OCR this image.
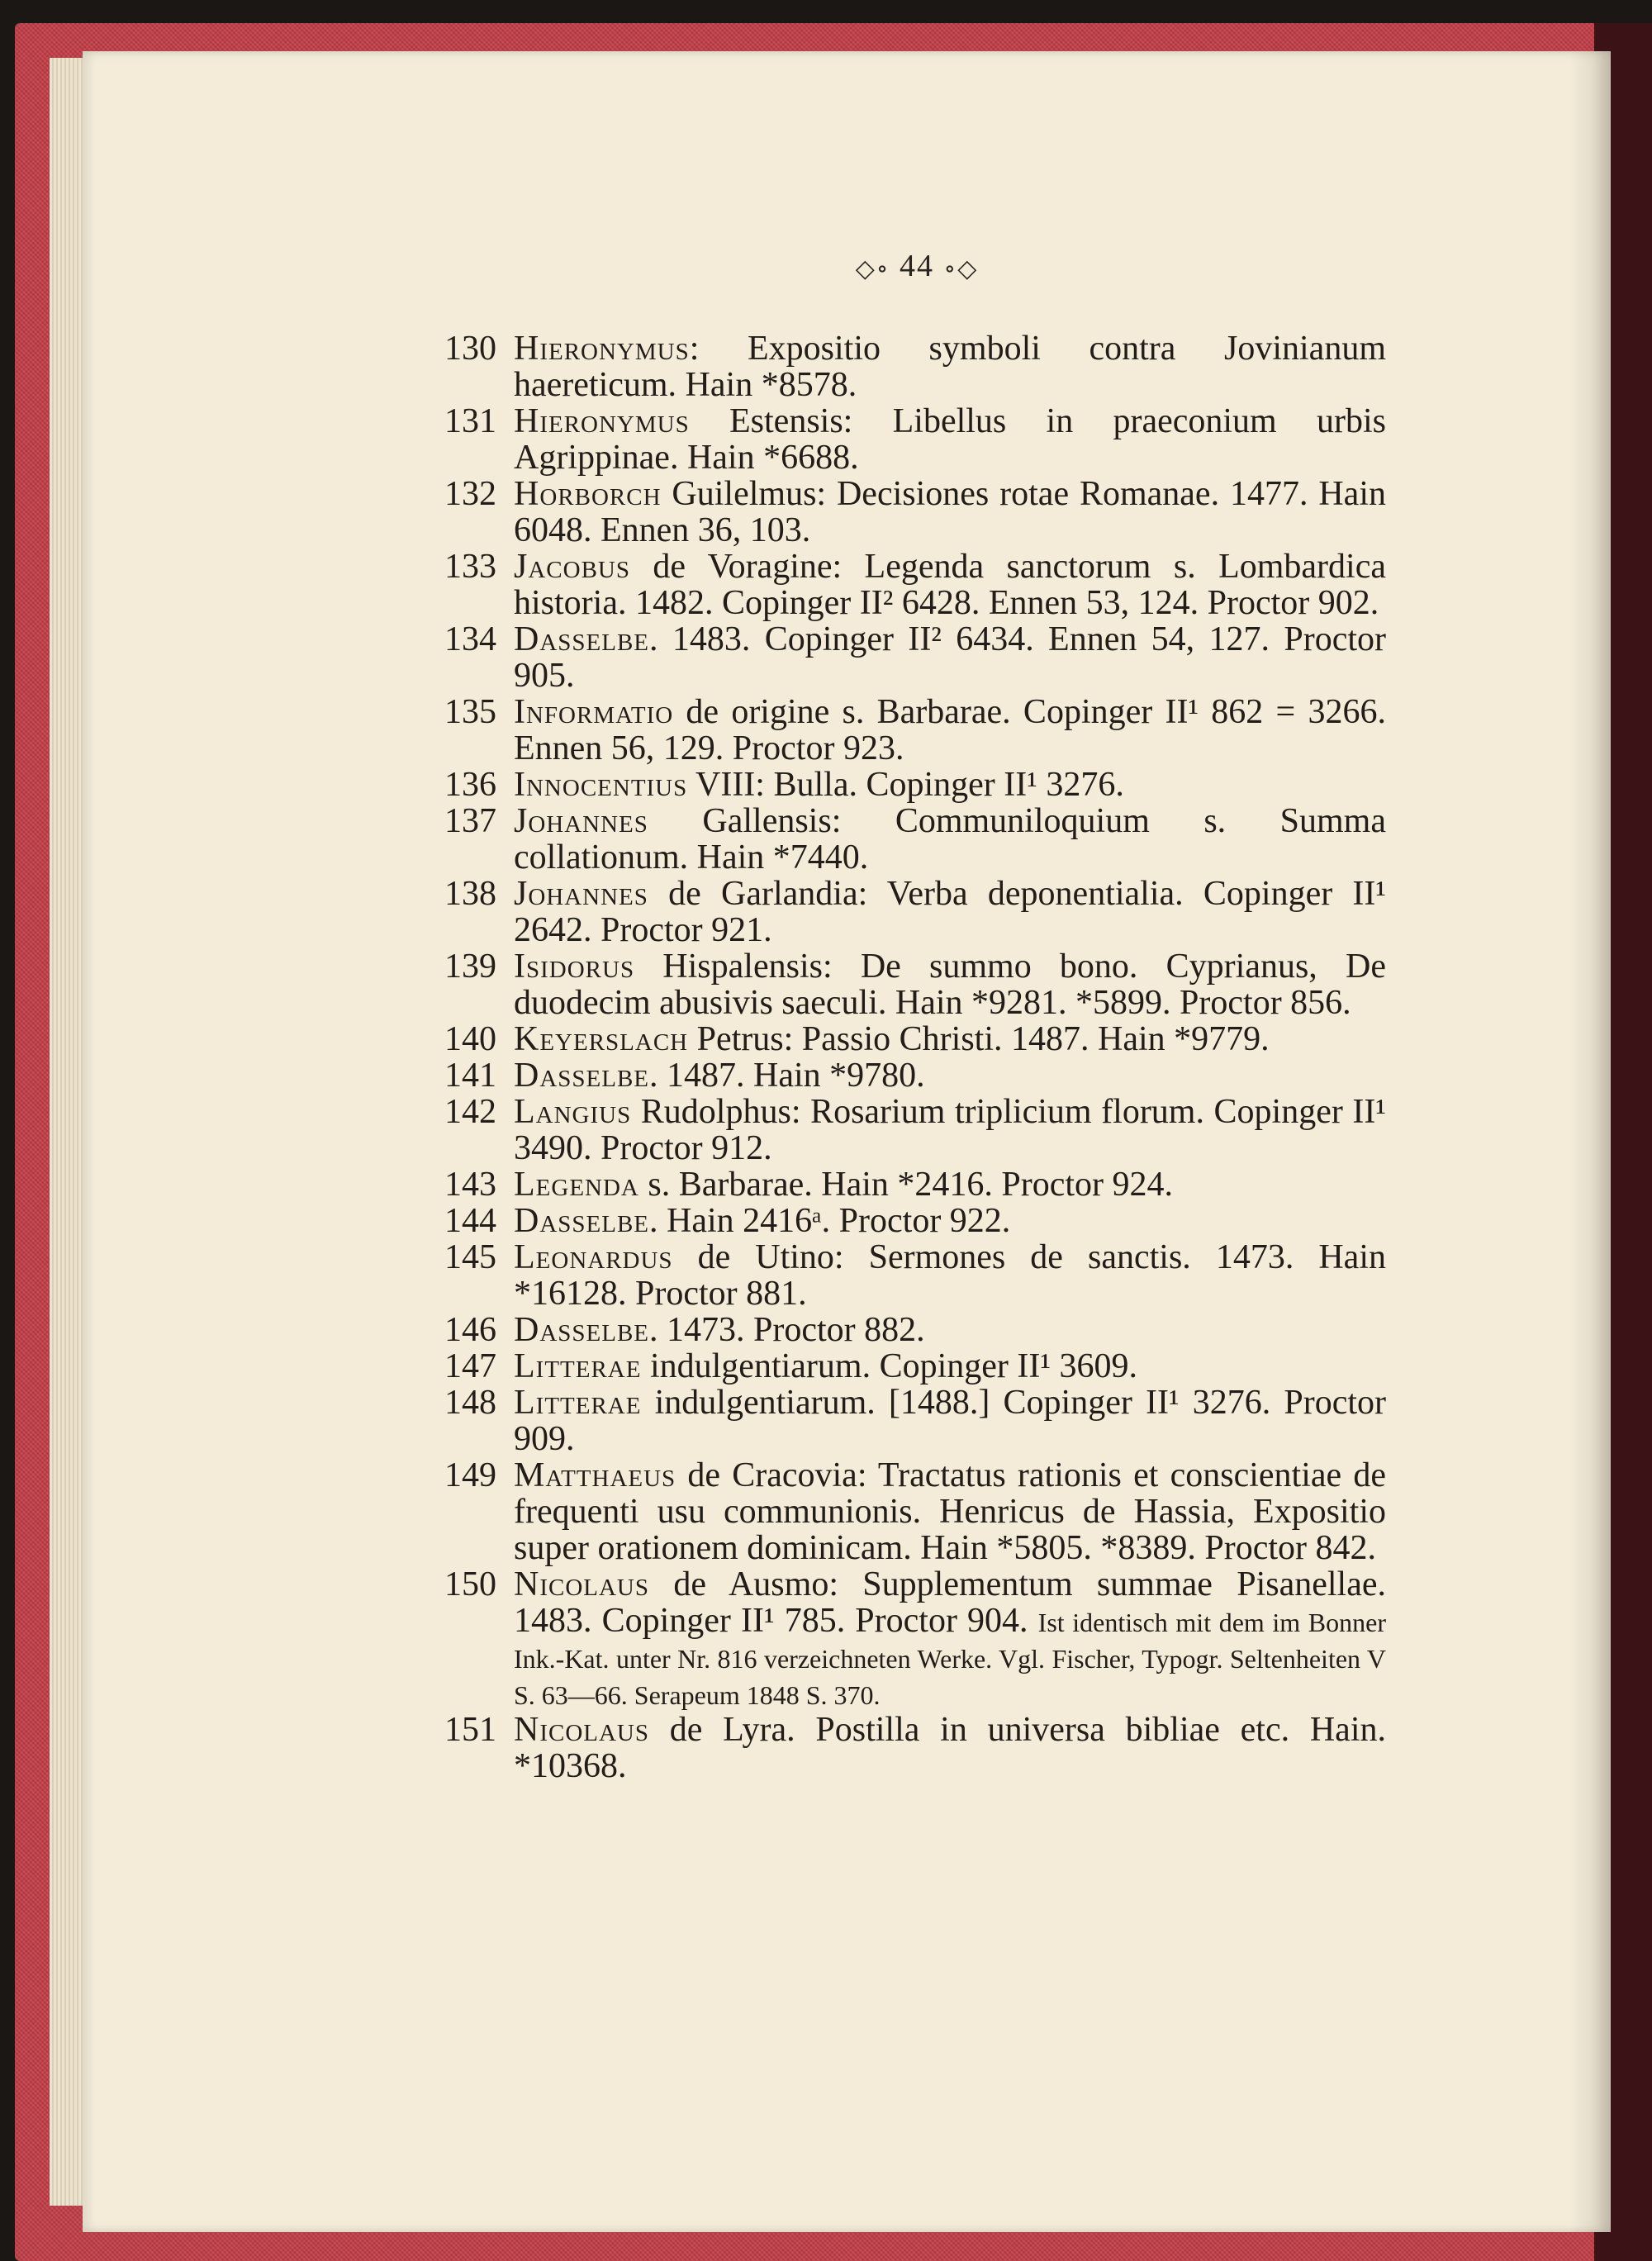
◇∘ 44 ∘◇
130 Hieronymus: Expositio symboli contra Jovinianum haereticum. Hain *8578.
131 Hieronymus Estensis: Libellus in praeconium urbis Agrippinae. Hain *6688.
132 Horborch Guilelmus: Decisiones rotae Romanae. 1477. Hain 6048. Ennen 36, 103.
133 Jacobus de Voragine: Legenda sanctorum s. Lombardica historia. 1482. Copinger II² 6428. Ennen 53, 124. Proctor 902.
134 Dasselbe. 1483. Copinger II² 6434. Ennen 54, 127. Proctor 905.
135 Informatio de origine s. Barbarae. Copinger II¹ 862 = 3266. Ennen 56, 129. Proctor 923.
136 Innocentius VIII: Bulla. Copinger II¹ 3276.
137 Johannes Gallensis: Communiloquium s. Summa collationum. Hain *7440.
138 Johannes de Garlandia: Verba deponentialia. Copinger II¹ 2642. Proctor 921.
139 Isidorus Hispalensis: De summo bono. Cyprianus, De duodecim abusivis saeculi. Hain *9281. *5899. Proctor 856.
140 Keyerslach Petrus: Passio Christi. 1487. Hain *9779.
141 Dasselbe. 1487. Hain *9780.
142 Langius Rudolphus: Rosarium triplicium florum. Copinger II¹ 3490. Proctor 912.
143 Legenda s. Barbarae. Hain *2416. Proctor 924.
144 Dasselbe. Hain 2416ᵃ. Proctor 922.
145 Leonardus de Utino: Sermones de sanctis. 1473. Hain *16128. Proctor 881.
146 Dasselbe. 1473. Proctor 882.
147 Litterae indulgentiarum. Copinger II¹ 3609.
148 Litterae indulgentiarum. [1488.] Copinger II¹ 3276. Proctor 909.
149 Matthaeus de Cracovia: Tractatus rationis et conscientiae de frequenti usu communionis. Henricus de Hassia, Expositio super orationem dominicam. Hain *5805. *8389. Proctor 842.
150 Nicolaus de Ausmo: Supplementum summae Pisanellae. 1483. Copinger II¹ 785. Proctor 904. Ist identisch mit dem im Bonner Ink.-Kat. unter Nr. 816 verzeichneten Werke. Vgl. Fischer, Typogr. Seltenheiten V S. 63—66. Serapeum 1848 S. 370.
151 Nicolaus de Lyra. Postilla in universa bibliae etc. Hain. *10368.
